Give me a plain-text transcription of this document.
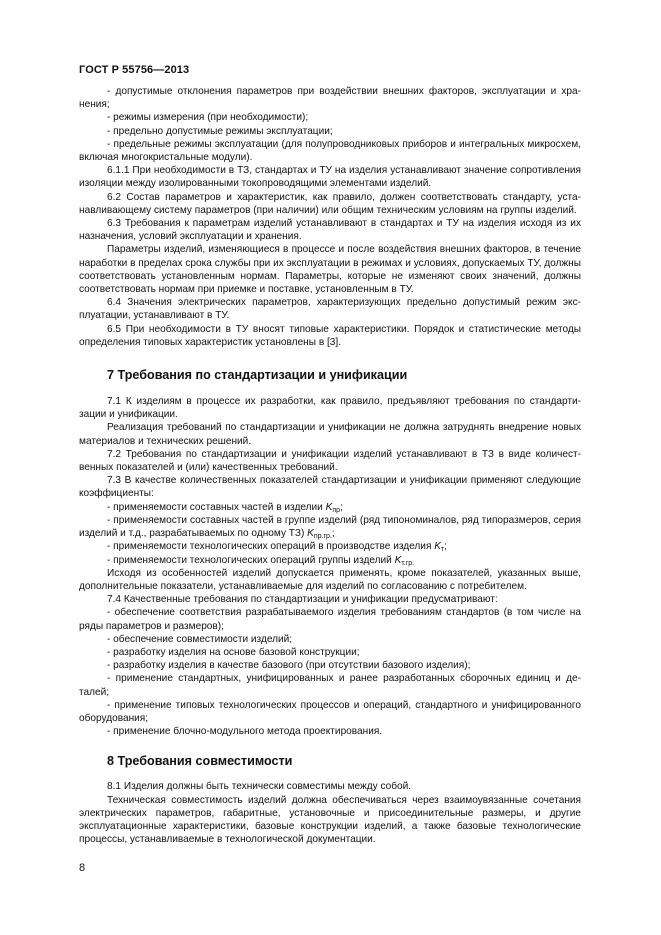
ГОСТ Р 55756—2013

- допустимые отклонения параметров при воздействии внешних факторов, эксплуатации и хранения;

- режимы измерения (при необходимости);

- предельно допустимые режимы эксплуатации;

- предельные режимы эксплуатации (для полупроводниковых приборов и интегральных микросхем, включая многокристальные модули).

6.1.1 При необходимости в ТЗ, стандартах и ТУ на изделия устанавливают значение сопротивления изоляции между изолированными токопроводящими элементами изделий.

6.2 Состав параметров и характеристик, как правило, должен соответствовать стандарту, устанавливающему систему параметров (при наличии) или общим техническим условиям на группы изделий.

6.3 Требования к параметрам изделий устанавливают в стандартах и ТУ на изделия исходя из их назначения, условий эксплуатации и хранения.

Параметры изделий, изменяющиеся в процессе и после воздействия внешних факторов, в течение наработки в пределах срока службы при их эксплуатации в режимах и условиях, допускаемых ТУ, должны соответствовать установленным нормам. Параметры, которые не изменяют своих значений, должны соответствовать нормам при приемке и поставке, установленным в ТУ.

6.4 Значения электрических параметров, характеризующих предельно допустимый режим эксплуатации, устанавливают в ТУ.

6.5 При необходимости в ТУ вносят типовые характеристики. Порядок и статистические методы определения типовых характеристик установлены в [3].

7 Требования по стандартизации и унификации

7.1 К изделиям в процессе их разработки, как правило, предъявляют требования по стандартизации и унификации.

Реализация требований по стандартизации и унификации не должна затруднять внедрение новых материалов и технических решений.

7.2 Требования по стандартизации и унификации изделий устанавливают в ТЗ в виде количественных показателей и (или) качественных требований.

7.3 В качестве количественных показателей стандартизации и унификации применяют следующие коэффициенты:

- применяемости составных частей в изделии $K_{пр}$;

- применяемости составных частей в группе изделий (ряд типономиналов, ряд типоразмеров, серия изделий и т.д., разрабатываемых по одному ТЗ) $K_{пр.гр.}$;

- применяемости технологических операций в производстве изделия $K_т$;

- применяемости технологических операций группы изделий $K_{т.гр.}$

Исходя из особенностей изделий допускается применять, кроме показателей, указанных выше, дополнительные показатели, устанавливаемые для изделий по согласованию с потребителем.

7.4 Качественные требования по стандартизации и унификации предусматривают:

- обеспечение соответствия разрабатываемого изделия требованиям стандартов (в том числе на ряды параметров и размеров);

- обеспечение совместимости изделий;

- разработку изделия на основе базовой конструкции;

- разработку изделия в качестве базового (при отсутствии базового изделия);

- применение стандартных, унифицированных и ранее разработанных сборочных единиц и деталей;

- применение типовых технологических процессов и операций, стандартного и унифицированного оборудования;

- применение блочно-модульного метода проектирования.

8 Требования совместимости

8.1 Изделия должны быть технически совместимы между собой.

Техническая совместимость изделий должна обеспечиваться через взаимоувязанные сочетания электрических параметров, габаритные, установочные и присоединительные размеры, и другие эксплуатационные характеристики, базовые конструкции изделий, а также базовые технологические процессы, устанавливаемые в технологической документации.

8
